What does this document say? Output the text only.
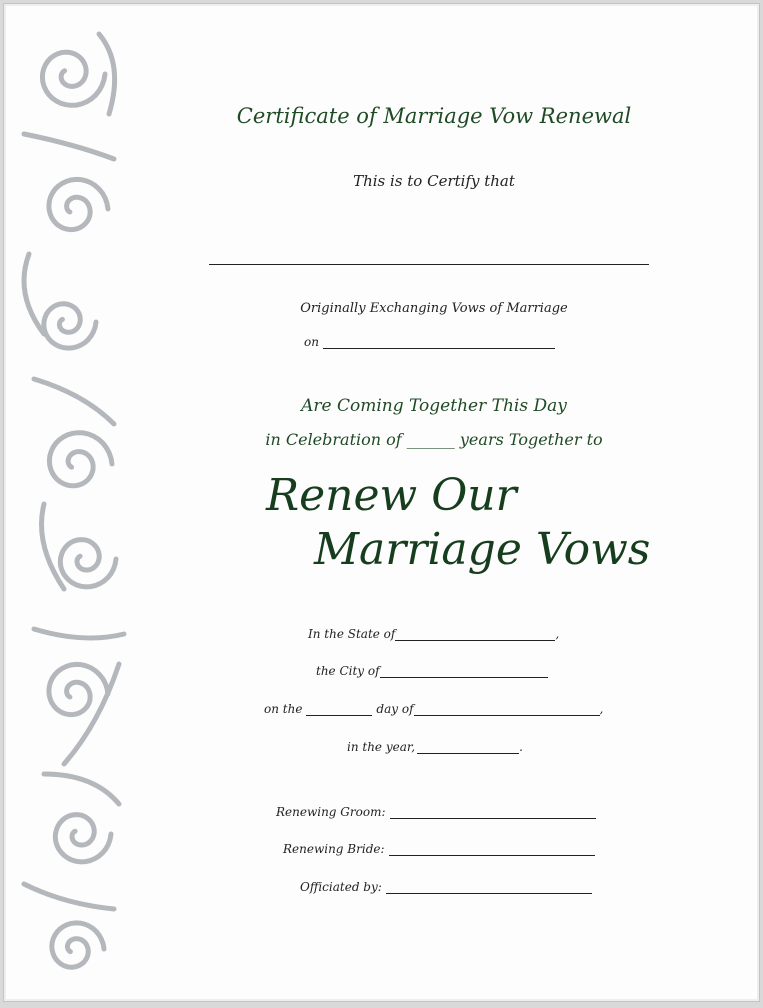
Certificate of Marriage Vow Renewal
This is to Certify that
Originally Exchanging Vows of Marriage
on
Are Coming Together This Day
in Celebration of ______ years Together to
Renew Our
Marriage Vows
In the State of	,
the City of
on the	day of	,
in the year,	.
Renewing Groom:
Renewing Bride:
Officiated by:
